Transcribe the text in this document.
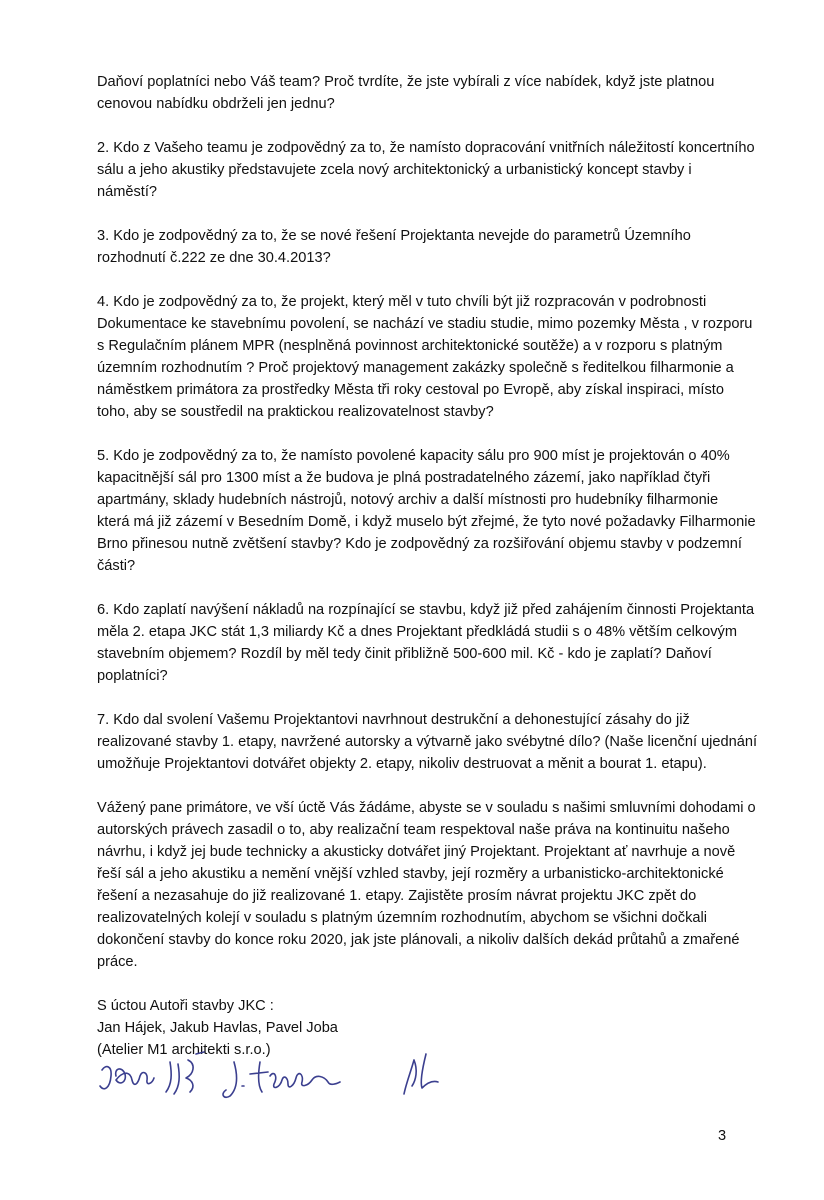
Daňoví poplatníci nebo Váš team? Proč tvrdíte, že jste vybírali z více nabídek, když jste platnou
cenovou nabídku obdrželi jen jednu?
2. Kdo z Vašeho teamu je zodpovědný za to, že namísto dopracování vnitřních náležitostí koncertního
sálu a jeho akustiky představujete zcela nový architektonický a urbanistický koncept stavby i
náměstí?
3. Kdo je zodpovědný za to, že se nové řešení Projektanta nevejde do parametrů Územního
rozhodnutí č.222 ze dne 30.4.2013?
4. Kdo je zodpovědný za to, že projekt, který měl v tuto chvíli být již rozpracován v podrobnosti
Dokumentace ke stavebnímu povolení, se nachází ve stadiu studie, mimo pozemky Města , v rozporu
s Regulačním plánem MPR (nesplněná povinnost architektonické soutěže) a v rozporu s platným
územním rozhodnutím ? Proč projektový management zakázky společně s ředitelkou filharmonie a
náměstkem primátora za prostředky Města tři roky cestoval po Evropě, aby získal inspiraci, místo
toho, aby se soustředil na praktickou realizovatelnost stavby?
5. Kdo je zodpovědný za to, že namísto povolené kapacity sálu pro 900 míst je projektován o 40%
kapacitnější sál pro 1300 míst a že budova je plná postradatelného zázemí, jako například čtyři
apartmány, sklady hudebních nástrojů, notový archiv a další místnosti pro hudebníky filharmonie
která má již zázemí v Besedním Domě, i když muselo být zřejmé, že tyto nové požadavky Filharmonie
Brno přinesou nutně zvětšení stavby? Kdo je zodpovědný za rozšiřování objemu stavby v podzemní
části?
6. Kdo zaplatí navýšení nákladů na rozpínající se stavbu, když již před zahájením činnosti Projektanta
měla 2. etapa JKC stát 1,3 miliardy Kč a dnes Projektant předkládá studii s o 48% větším celkovým
stavebním objemem? Rozdíl by měl tedy činit přibližně 500-600 mil. Kč - kdo je zaplatí? Daňoví
poplatníci?
7. Kdo dal svolení Vašemu Projektantovi navrhnout destrukční a dehonestující zásahy do již
realizované stavby 1. etapy, navržené autorsky a výtvarně jako svébytné dílo? (Naše licenční ujednání
umožňuje Projektantovi dotvářet objekty 2. etapy, nikoliv destruovat a měnit a bourat 1. etapu).
Vážený pane primátore, ve vší úctě Vás žádáme, abyste se v souladu s našimi smluvními dohodami o
autorských právech zasadil o to, aby realizační team respektoval naše práva na kontinuitu našeho
návrhu, i když jej bude technicky a akusticky dotvářet jiný Projektant. Projektant ať navrhuje a nově
řeší sál a jeho akustiku a nemění vnější vzhled stavby, její rozměry a urbanisticko-architektonické
řešení a nezasahuje do již realizované 1. etapy. Zajistěte prosím návrat projektu JKC zpět do
realizovatelných kolejí v souladu s platným územním rozhodnutím, abychom se všichni dočkali
dokončení stavby do konce roku 2020, jak jste plánovali, a nikoliv dalších dekád průtahů a zmařené
práce.
S úctou Autoři stavby JKC :
Jan Hájek, Jakub Havlas, Pavel Joba
(Atelier M1 architekti s.r.o.)
3
